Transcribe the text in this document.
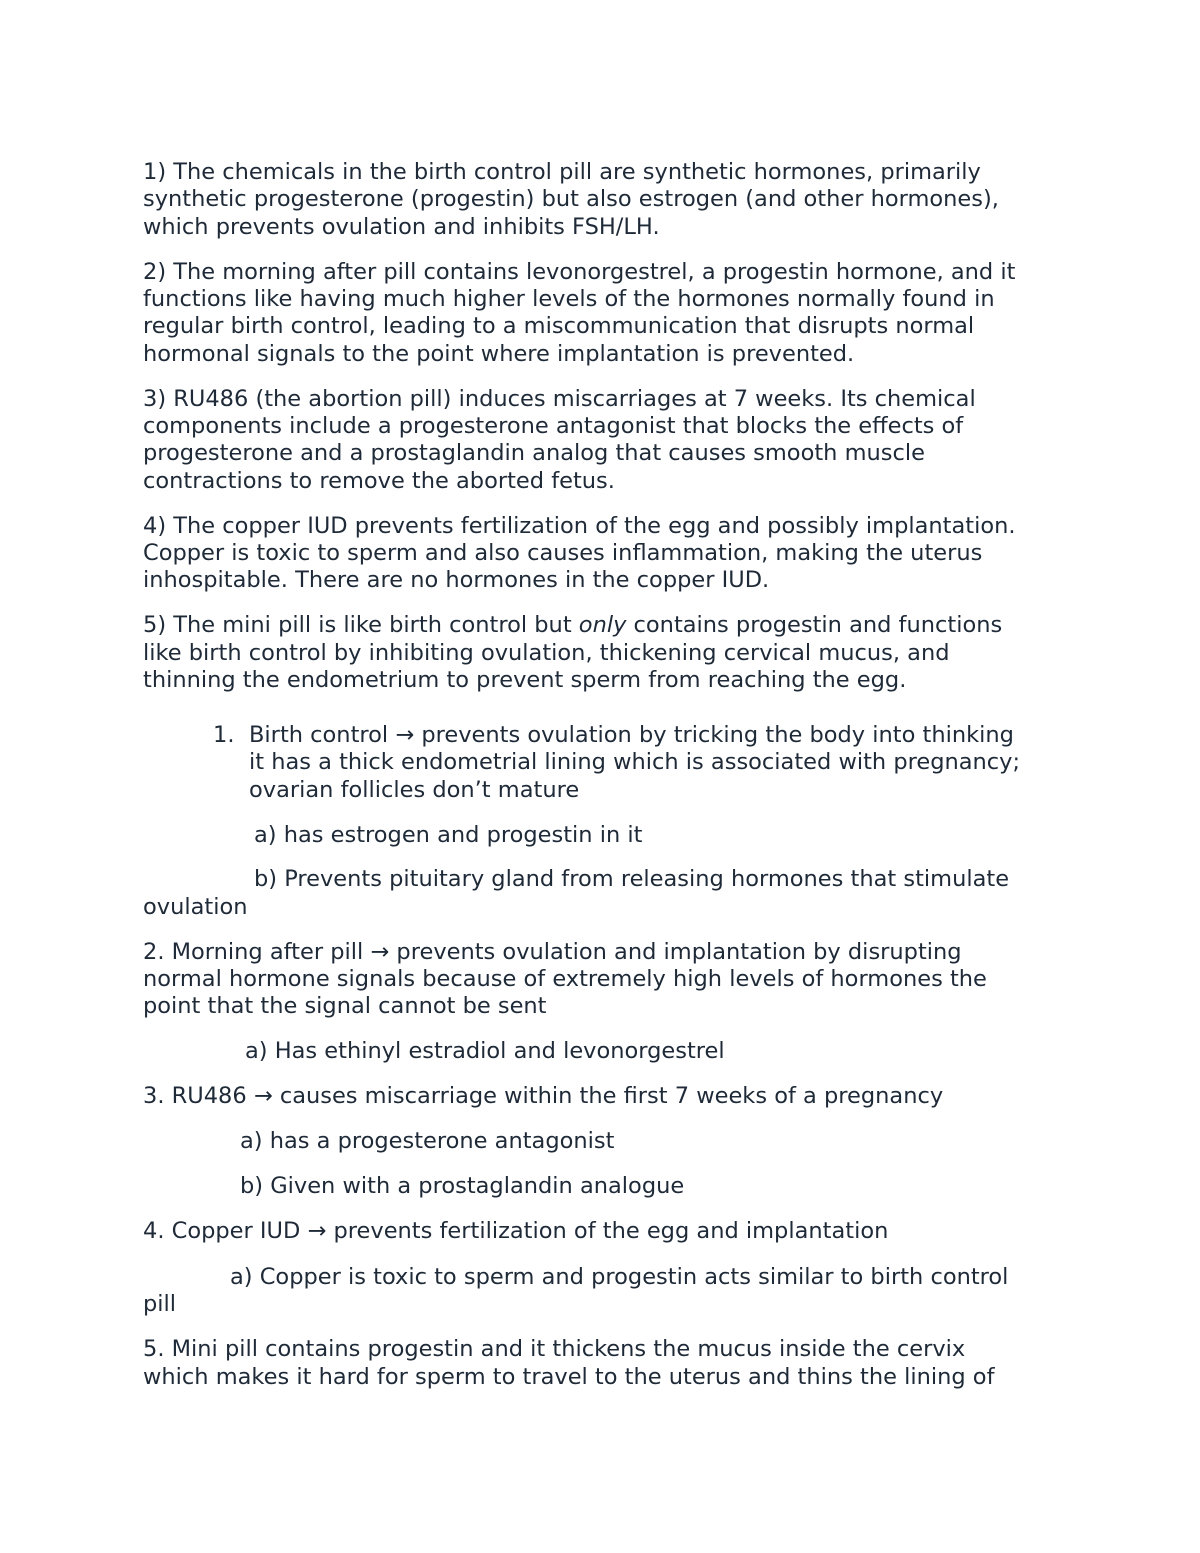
1) The chemicals in the birth control pill are synthetic hormones, primarily
synthetic progesterone (progestin) but also estrogen (and other hormones),
which prevents ovulation and inhibits FSH/LH.
2) The morning after pill contains levonorgestrel, a progestin hormone, and it
functions like having much higher levels of the hormones normally found in
regular birth control, leading to a miscommunication that disrupts normal
hormonal signals to the point where implantation is prevented.
3) RU486 (the abortion pill) induces miscarriages at 7 weeks. Its chemical
components include a progesterone antagonist that blocks the effects of
progesterone and a prostaglandin analog that causes smooth muscle
contractions to remove the aborted fetus.
4) The copper IUD prevents fertilization of the egg and possibly implantation.
Copper is toxic to sperm and also causes inflammation, making the uterus
inhospitable. There are no hormones in the copper IUD.
5) The mini pill is like birth control but only contains progestin and functions
like birth control by inhibiting ovulation, thickening cervical mucus, and
thinning the endometrium to prevent sperm from reaching the egg.
1. Birth control → prevents ovulation by tricking the body into thinking
it has a thick endometrial lining which is associated with pregnancy;
ovarian follicles don’t mature
a) has estrogen and progestin in it
b) Prevents pituitary gland from releasing hormones that stimulate
ovulation
2. Morning after pill → prevents ovulation and implantation by disrupting
normal hormone signals because of extremely high levels of hormones the
point that the signal cannot be sent
a) Has ethinyl estradiol and levonorgestrel
3. RU486 → causes miscarriage within the first 7 weeks of a pregnancy
a) has a progesterone antagonist
b) Given with a prostaglandin analogue
4. Copper IUD → prevents fertilization of the egg and implantation
a) Copper is toxic to sperm and progestin acts similar to birth control
pill
5. Mini pill contains progestin and it thickens the mucus inside the cervix
which makes it hard for sperm to travel to the uterus and thins the lining of
